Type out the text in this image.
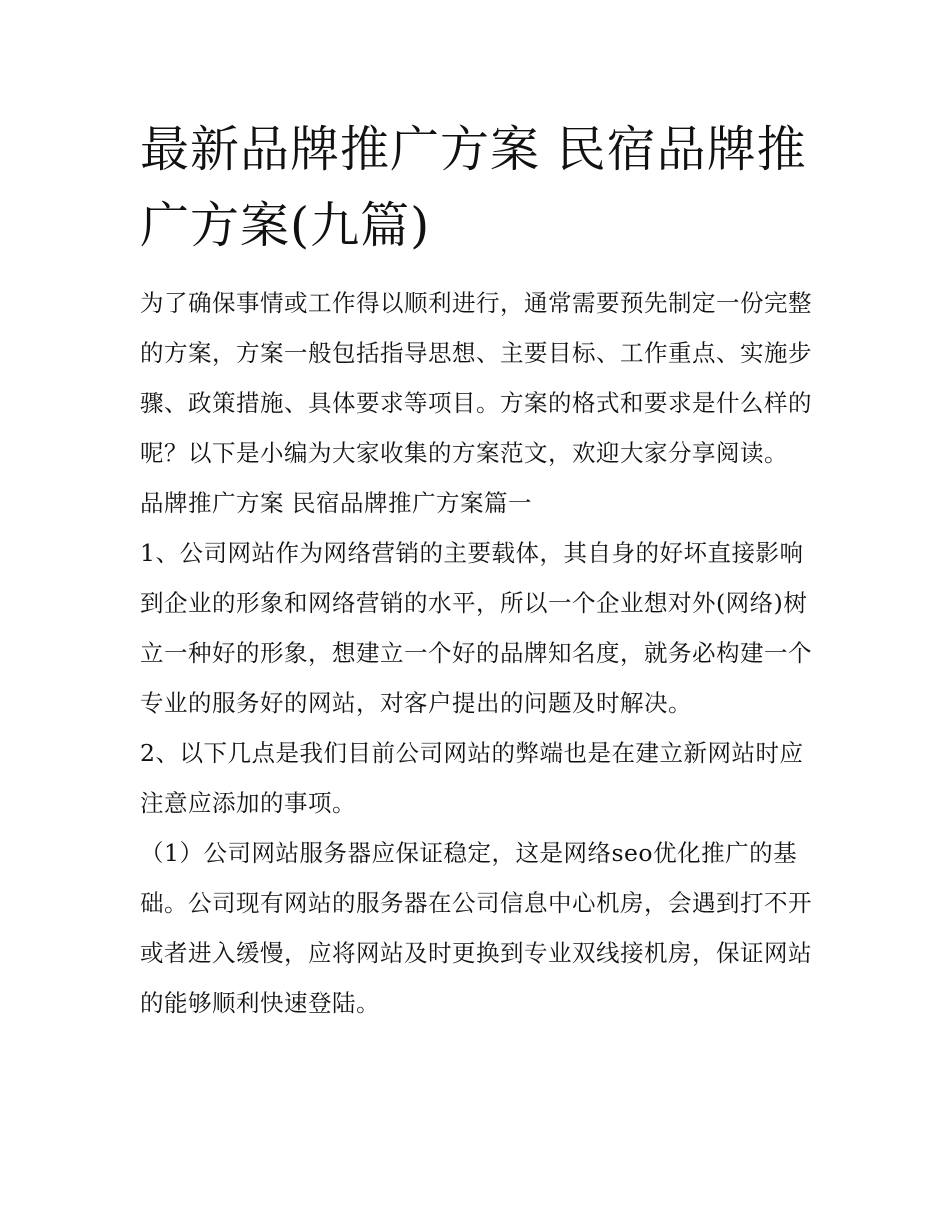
最新品牌推广方案 民宿品牌推广方案(九篇)

为了确保事情或工作得以顺利进行，通常需要预先制定一份完整的方案，方案一般包括指导思想、主要目标、工作重点、实施步骤、政策措施、具体要求等项目。方案的格式和要求是什么样的呢？以下是小编为大家收集的方案范文，欢迎大家分享阅读。

品牌推广方案 民宿品牌推广方案篇一

1、公司网站作为网络营销的主要载体，其自身的好坏直接影响到企业的形象和网络营销的水平，所以一个企业想对外(网络)树立一种好的形象，想建立一个好的品牌知名度，就务必构建一个专业的服务好的网站，对客户提出的问题及时解决。

2、以下几点是我们目前公司网站的弊端也是在建立新网站时应注意应添加的事项。

（1）公司网站服务器应保证稳定，这是网络seo优化推广的基础。公司现有网站的服务器在公司信息中心机房，会遇到打不开或者进入缓慢，应将网站及时更换到专业双线接机房，保证网站的能够顺利快速登陆。
